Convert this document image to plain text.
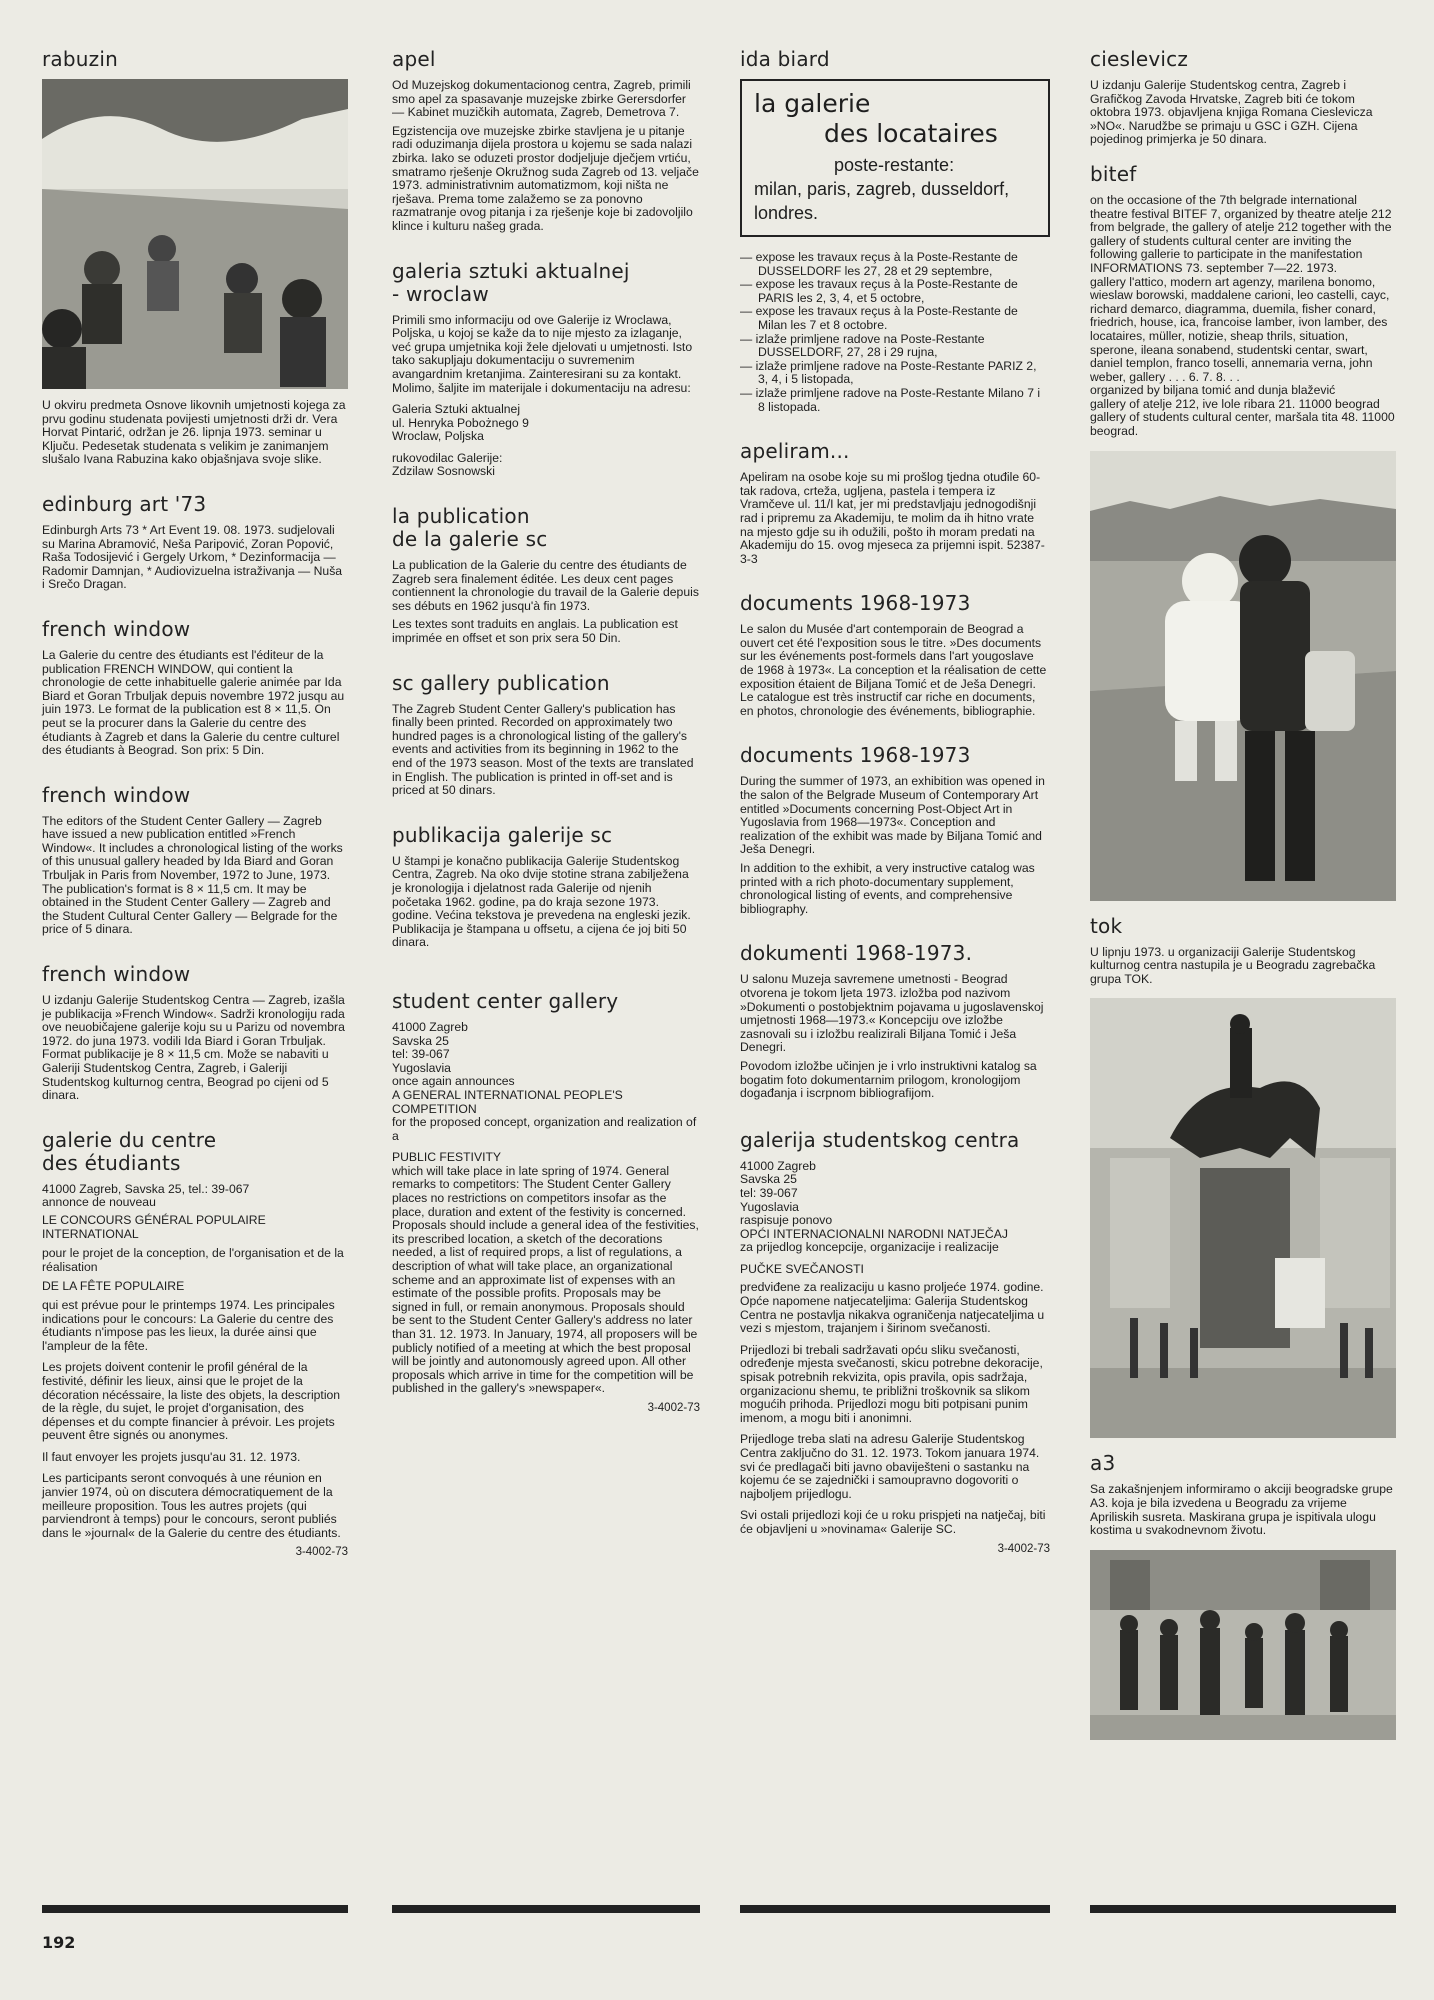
rabuzin

U okviru predmeta Osnove likovnih umjetnosti kojega za prvu godinu studenata povijesti umjetnosti drži dr. Vera Horvat Pintarić, održan je 26. lipnja 1973. seminar u Ključu. Pedesetak studenata s velikim je zanimanjem slušalo Ivana Rabuzina kako objašnjava svoje slike.

edinburg art '73

Edinburgh Arts 73 * Art Event 19. 08. 1973. sudjelovali su Marina Abramović, Neša Paripović, Zoran Popović, Raša Todosijević i Gergely Urkom, * Dezinformacija — Radomir Damnjan, * Audiovizuelna istraživanja — Nuša i Srečo Dragan.

french window

La Galerie du centre des étudiants est l'éditeur de la publication FRENCH WINDOW, qui contient la chronologie de cette inhabituelle galerie animée par Ida Biard et Goran Trbuljak depuis novembre 1972 jusqu au juin 1973. Le format de la publication est 8 × 11,5. On peut se la procurer dans la Galerie du centre des étudiants à Zagreb et dans la Galerie du centre culturel des étudiants à Beograd. Son prix: 5 Din.

french window

The editors of the Student Center Gallery — Zagreb have issued a new publication entitled »French Window«. It includes a chronological listing of the works of this unusual gallery headed by Ida Biard and Goran Trbuljak in Paris from November, 1972 to June, 1973. The publication's format is 8 × 11,5 cm. It may be obtained in the Student Center Gallery — Zagreb and the Student Cultural Center Gallery — Belgrade for the price of 5 dinara.

french window

U izdanju Galerije Studentskog Centra — Zagreb, izašla je publikacija »French Window«. Sadrži kronologiju rada ove neuobičajene galerije koju su u Parizu od novembra 1972. do juna 1973. vodili Ida Biard i Goran Trbuljak. Format publikacije je 8 × 11,5 cm. Može se nabaviti u Galeriji Studentskog Centra, Zagreb, i Galeriji Studentskog kulturnog centra, Beograd po cijeni od 5 dinara.

galerie du centre
des étudiants

41000 Zagreb, Savska 25, tel.: 39-067

annonce de nouveau

LE CONCOURS GÉNÉRAL POPULAIRE INTERNATIONAL

pour le projet de la conception, de l'organisation et de la réalisation

DE LA FÊTE POPULAIRE

qui est prévue pour le printemps 1974. Les principales indications pour le concours: La Galerie du centre des étudiants n'impose pas les lieux, la durée ainsi que l'ampleur de la fête.

Les projets doivent contenir le profil général de la festivité, définir les lieux, ainsi que le projet de la décoration nécéssaire, la liste des objets, la description de la règle, du sujet, le projet d'organisation, des dépenses et du compte financier à prévoir. Les projets peuvent être signés ou anonymes.

Il faut envoyer les projets jusqu'au 31. 12. 1973.

Les participants seront convoqués à une réunion en janvier 1974, où on discutera démocratiquement de la meilleure proposition. Tous les autres projets (qui parviendront à temps) pour le concours, seront publiés dans le »journal« de la Galerie du centre des étudiants.

3-4002-73
apel

Od Muzejskog dokumentacionog centra, Zagreb, primili smo apel za spasavanje muzejske zbirke Gerersdorfer — Kabinet muzičkih automata, Zagreb, Demetrova 7.

Egzistencija ove muzejske zbirke stavljena je u pitanje radi oduzimanja dijela prostora u kojemu se sada nalazi zbirka. Iako se oduzeti prostor dodjeljuje dječjem vrtiću, smatramo rješenje Okružnog suda Zagreb od 13. veljače 1973. administrativnim automatizmom, koji ništa ne rješava. Prema tome zalažemo se za ponovno razmatranje ovog pitanja i za rješenje koje bi zadovoljilo klince i kulturu našeg grada.

galeria sztuki aktualnej
- wroclaw

Primili smo informaciju od ove Galerije iz Wroclawa, Poljska, u kojoj se kaže da to nije mjesto za izlaganje, već grupa umjetnika koji žele djelovati u umjetnosti. Isto tako sakupljaju dokumentaciju o suvremenim avangardnim kretanjima. Zainteresirani su za kontakt. Molimo, šaljite im materijale i dokumentaciju na adresu:

Galeria Sztuki aktualnej

ul. Henryka Pobożnego 9

Wroclaw, Poljska

rukovodilac Galerije:

Zdzilaw Sosnowski

la publication
de la galerie sc

La publication de la Galerie du centre des étudiants de Zagreb sera finalement éditée. Les deux cent pages contiennent la chronologie du travail de la Galerie depuis ses débuts en 1962 jusqu'à fin 1973.

Les textes sont traduits en anglais. La publication est imprimée en offset et son prix sera 50 Din.

sc gallery publication

The Zagreb Student Center Gallery's publication has finally been printed. Recorded on approximately two hundred pages is a chronological listing of the gallery's events and activities from its beginning in 1962 to the end of the 1973 season. Most of the texts are translated in English. The publication is printed in off-set and is priced at 50 dinars.

publikacija galerije sc

U štampi je konačno publikacija Galerije Studentskog Centra, Zagreb. Na oko dvije stotine strana zabilježena je kronologija i djelatnost rada Galerije od njenih početaka 1962. godine, pa do kraja sezone 1973. godine. Većina tekstova je prevedena na engleski jezik. Publikacija je štampana u offsetu, a cijena će joj biti 50 dinara.

student center gallery

41000 Zagreb

Savska 25

tel: 39-067

Yugoslavia

once again announces

A GENERAL INTERNATIONAL PEOPLE'S COMPETITION

for the proposed concept, organization and realization of a

PUBLIC FESTIVITY

which will take place in late spring of 1974. General remarks to competitors: The Student Center Gallery places no restrictions on competitors insofar as the place, duration and extent of the festivity is concerned. Proposals should include a general idea of the festivities, its prescribed location, a sketch of the decorations needed, a list of required props, a list of regulations, a description of what will take place, an organizational scheme and an approximate list of expenses with an estimate of the possible profits. Proposals may be signed in full, or remain anonymous. Proposals should be sent to the Student Center Gallery's address no later than 31. 12. 1973. In January, 1974, all proposers will be publicly notified of a meeting at which the best proposal will be jointly and autonomously agreed upon. All other proposals which arrive in time for the competition will be published in the gallery's »newspaper«.

3-4002-73
ida biard
la galerie
des locataires
poste-restante:
milan, paris, zagreb, dusseldorf, londres.

— expose les travaux reçus à la Poste-Restante de DUSSELDORF les 27, 28 et 29 septembre,

— expose les travaux reçus à la Poste-Restante de PARIS les 2, 3, 4, et 5 octobre,

— expose les travaux reçus à la Poste-Restante de Milan les 7 et 8 octobre.

— izlaže primljene radove na Poste-Restante DUSSELDORF, 27, 28 i 29 rujna,

— izlaže primljene radove na Poste-Restante PARIZ 2, 3, 4, i 5 listopada,

— izlaže primljene radove na Poste-Restante Milano 7 i 8 listopada.

apeliram...

Apeliram na osobe koje su mi prošlog tjedna otuđile 60-tak radova, crteža, ugljena, pastela i tempera iz Vramčeve ul. 11/I kat, jer mi predstavljaju jednogodišnji rad i pripremu za Akademiju, te molim da ih hitno vrate na mjesto gdje su ih odužili, pošto ih moram predati na Akademiju do 15. ovog mjeseca za prijemni ispit. 52387-3-3

documents 1968-1973

Le salon du Musée d'art contemporain de Beograd a ouvert cet été l'exposition sous le titre. »Des documents sur les événements post-formels dans l'art yougoslave de 1968 à 1973«. La conception et la réalisation de cette exposition étaient de Biljana Tomić et de Ješa Denegri. Le catalogue est très instructif car riche en documents, en photos, chronologie des événements, bibliographie.

documents 1968-1973

During the summer of 1973, an exhibition was opened in the salon of the Belgrade Museum of Contemporary Art entitled »Documents concerning Post-Object Art in Yugoslavia from 1968—1973«. Conception and realization of the exhibit was made by Biljana Tomić and Ješa Denegri.

In addition to the exhibit, a very instructive catalog was printed with a rich photo-documentary supplement, chronological listing of events, and comprehensive bibliography.

dokumenti 1968-1973.

U salonu Muzeja savremene umetnosti - Beograd otvorena je tokom ljeta 1973. izložba pod nazivom »Dokumenti o postobjektnim pojavama u jugoslavenskoj umjetnosti 1968—1973.« Koncepciju ove izložbe zasnovali su i izložbu realizirali Biljana Tomić i Ješa Denegri.

Povodom izložbe učinjen je i vrlo instruktivni katalog sa bogatim foto dokumentarnim prilogom, kronologijom događanja i iscrpnom bibliografijom.

galerija studentskog centra

41000 Zagreb

Savska 25

tel: 39-067

Yugoslavia

raspisuje ponovo

OPĆI INTERNACIONALNI NARODNI NATJEČAJ

za prijedlog koncepcije, organizacije i realizacije

PUČKE SVEČANOSTI

predviđene za realizaciju u kasno proljeće 1974. godine. Opće napomene natjecateljima: Galerija Studentskog Centra ne postavlja nikakva ograničenja natjecateljima u vezi s mjestom, trajanjem i širinom svečanosti.

Prijedlozi bi trebali sadržavati opću sliku svečanosti, određenje mjesta svečanosti, skicu potrebne dekoracije, spisak potrebnih rekvizita, opis pravila, opis sadržaja, organizacionu shemu, te približni troškovnik sa slikom mogućih prihoda. Prijedlozi mogu biti potpisani punim imenom, a mogu biti i anonimni.

Prijedloge treba slati na adresu Galerije Studentskog Centra zaključno do 31. 12. 1973. Tokom januara 1974. svi će predlagači biti javno obaviješteni o sastanku na kojemu će se zajednički i samoupravno dogovoriti o najboljem prijedlogu.

Svi ostali prijedlozi koji će u roku prispjeti na natječaj, biti će objavljeni u »novinama« Galerije SC.

3-4002-73
cieslevicz

U izdanju Galerije Studentskog centra, Zagreb i Grafičkog Zavoda Hrvatske, Zagreb biti će tokom oktobra 1973. objavljena knjiga Romana Cieslevicza »NO«. Narudžbe se primaju u GSC i GZH. Cijena pojedinog primjerka je 50 dinara.

bitef

on the occasione of the 7th belgrade international theatre festival BITEF 7, organized by theatre atelje 212 from belgrade, the gallery of atelje 212 together with the gallery of students cultural center are inviting the following gallerie to participate in the manifestation INFORMATIONS 73. september 7—22. 1973.

gallery l'attico, modern art agenzy, marilena bonomo, wieslaw borowski, maddalene carioni, leo castelli, cayc, richard demarco, diagramma, duemila, fisher conard, friedrich, house, ica, francoise lamber, ivon lamber, des locataires, müller, notizie, sheap thrils, situation, sperone, ileana sonabend, studentski centar, swart, daniel templon, franco toselli, annemaria verna, john weber, gallery . . . 6. 7. 8. . .

organized by biljana tomić and dunja blažević

gallery of atelje 212, ive lole ribara 21. 11000 beograd gallery of students cultural center, maršala tita 48. 11000 beograd.

tok

U lipnju 1973. u organizaciji Galerije Studentskog kulturnog centra nastupila je u Beogradu zagrebačka grupa TOK.

a3

Sa zakašnjenjem informiramo o akciji beogradske grupe A3. koja je bila izvedena u Beogradu za vrijeme Apriliskih susreta. Maskirana grupa je ispitivala ulogu kostima u svakodnevnom životu.

192
